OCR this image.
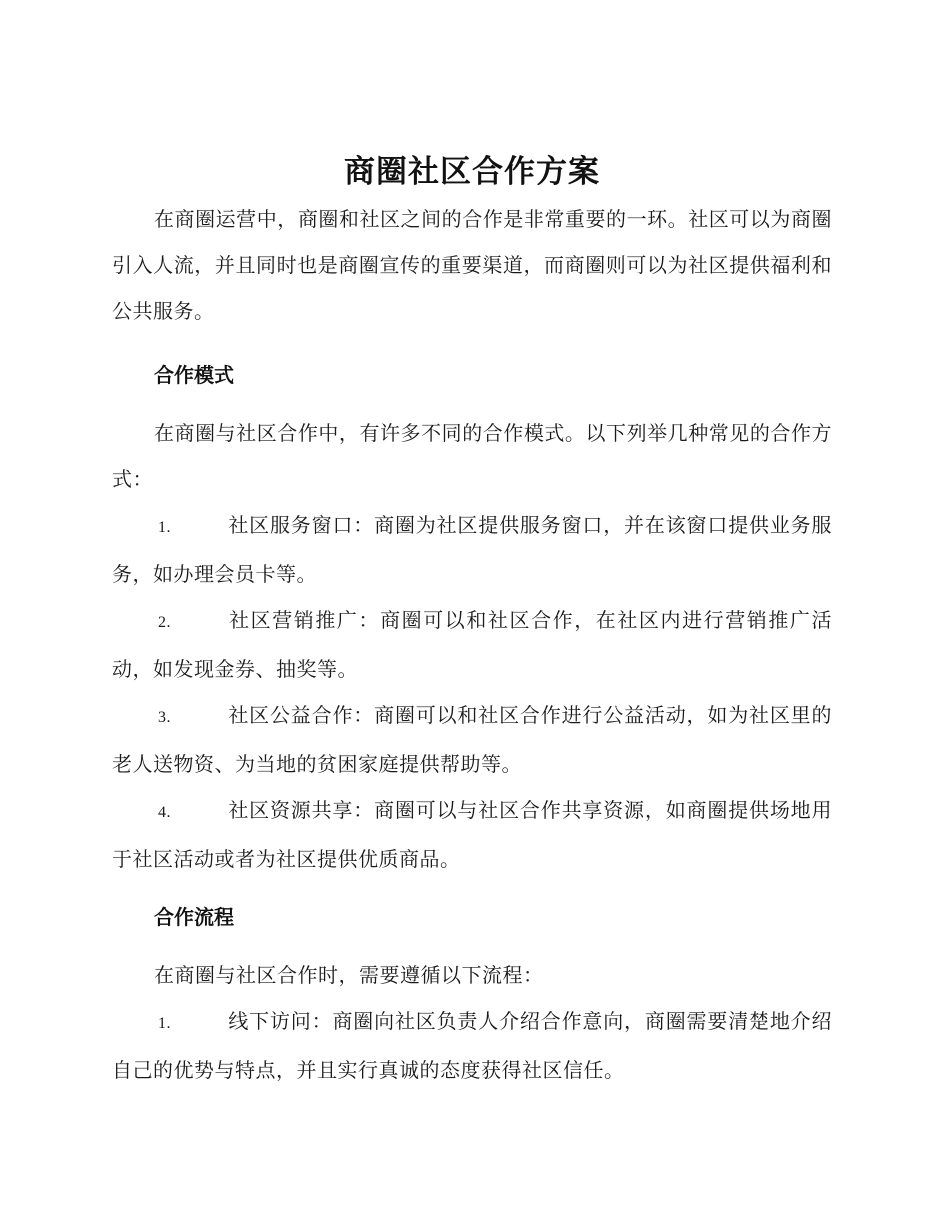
商圈社区合作方案

在商圈运营中，商圈和社区之间的合作是非常重要的一环。社区可以为商圈引入人流，并且同时也是商圈宣传的重要渠道，而商圈则可以为社区提供福利和公共服务。

合作模式

在商圈与社区合作中，有许多不同的合作模式。以下列举几种常见的合作方式：

1.	社区服务窗口：商圈为社区提供服务窗口，并在该窗口提供业务服务，如办理会员卡等。

2.	社区营销推广：商圈可以和社区合作，在社区内进行营销推广活动，如发现金券、抽奖等。

3.	社区公益合作：商圈可以和社区合作进行公益活动，如为社区里的老人送物资、为当地的贫困家庭提供帮助等。

4.	社区资源共享：商圈可以与社区合作共享资源，如商圈提供场地用于社区活动或者为社区提供优质商品。

合作流程

在商圈与社区合作时，需要遵循以下流程：

1.	线下访问：商圈向社区负责人介绍合作意向，商圈需要清楚地介绍自己的优势与特点，并且实行真诚的态度获得社区信任。
